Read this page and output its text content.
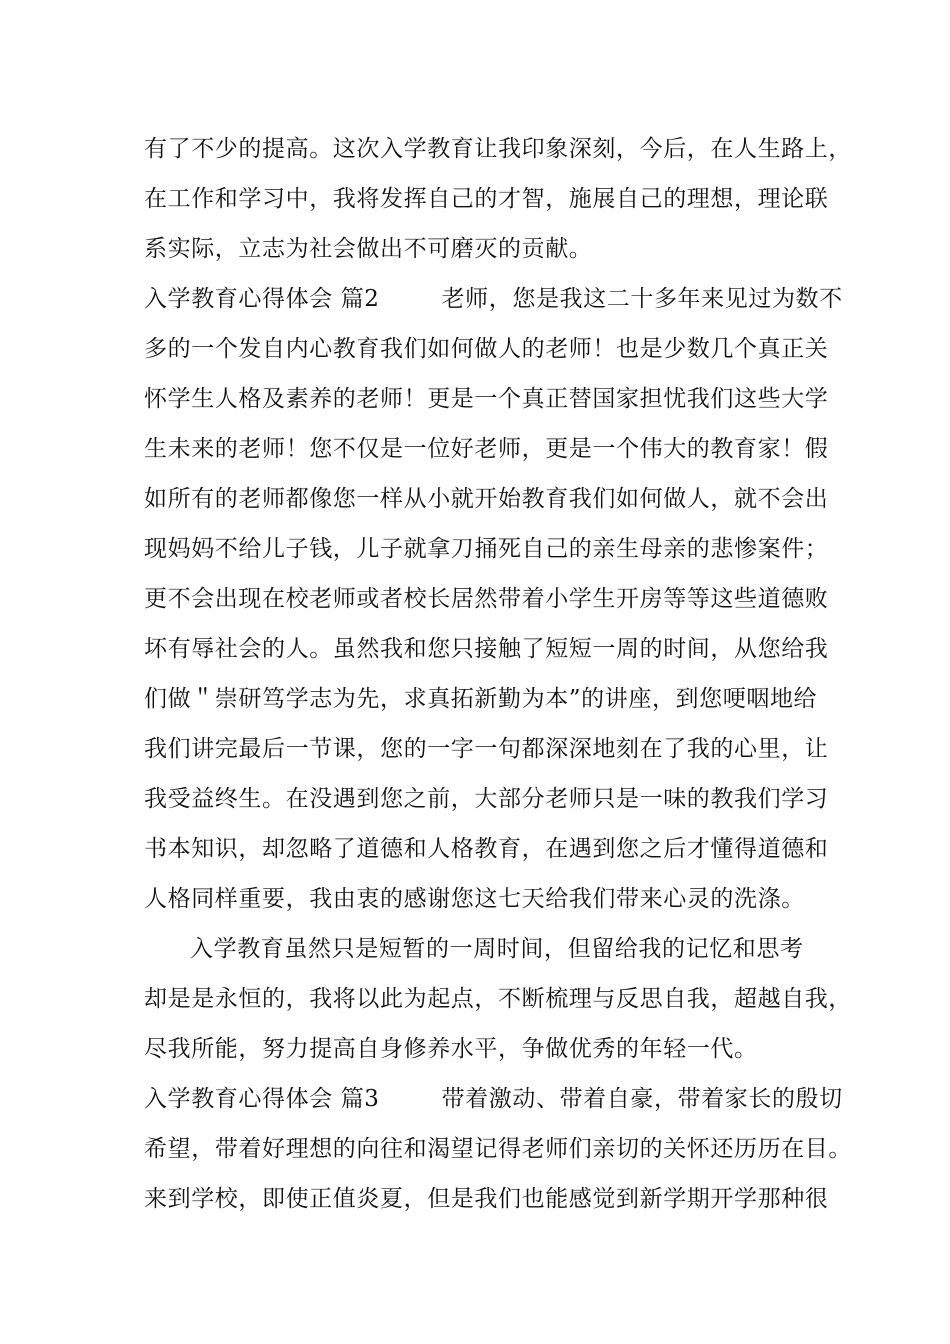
有了不少的提高。这次入学教育让我印象深刻，今后，在人生路上，
在工作和学习中，我将发挥自己的才智，施展自己的理想，理论联
系实际，立志为社会做出不可磨灭的贡献。
入学教育心得体会 篇2	老师，您是我这二十多年来见过为数不
多的一个发自内心教育我们如何做人的老师！也是少数几个真正关
怀学生人格及素养的老师！更是一个真正替国家担忧我们这些大学
生未来的老师！您不仅是一位好老师，更是一个伟大的教育家！假
如所有的老师都像您一样从小就开始教育我们如何做人，就不会出
现妈妈不给儿子钱，儿子就拿刀捅死自己的亲生母亲的悲惨案件；
更不会出现在校老师或者校长居然带着小学生开房等等这些道德败
坏有辱社会的人。虽然我和您只接触了短短一周的时间，从您给我
们做＂崇研笃学志为先，求真拓新勤为本”的讲座，到您哽咽地给
我们讲完最后一节课，您的一字一句都深深地刻在了我的心里，让
我受益终生。在没遇到您之前，大部分老师只是一味的教我们学习
书本知识，却忽略了道德和人格教育，在遇到您之后才懂得道德和
人格同样重要，我由衷的感谢您这七天给我们带来心灵的洗涤。
入学教育虽然只是短暂的一周时间，但留给我的记忆和思考
却是是永恒的，我将以此为起点，不断梳理与反思自我，超越自我，
尽我所能，努力提高自身修养水平，争做优秀的年轻一代。
入学教育心得体会 篇3	带着激动、带着自豪，带着家长的殷切
希望，带着好理想的向往和渴望记得老师们亲切的关怀还历历在目。
来到学校，即使正值炎夏，但是我们也能感觉到新学期开学那种很
